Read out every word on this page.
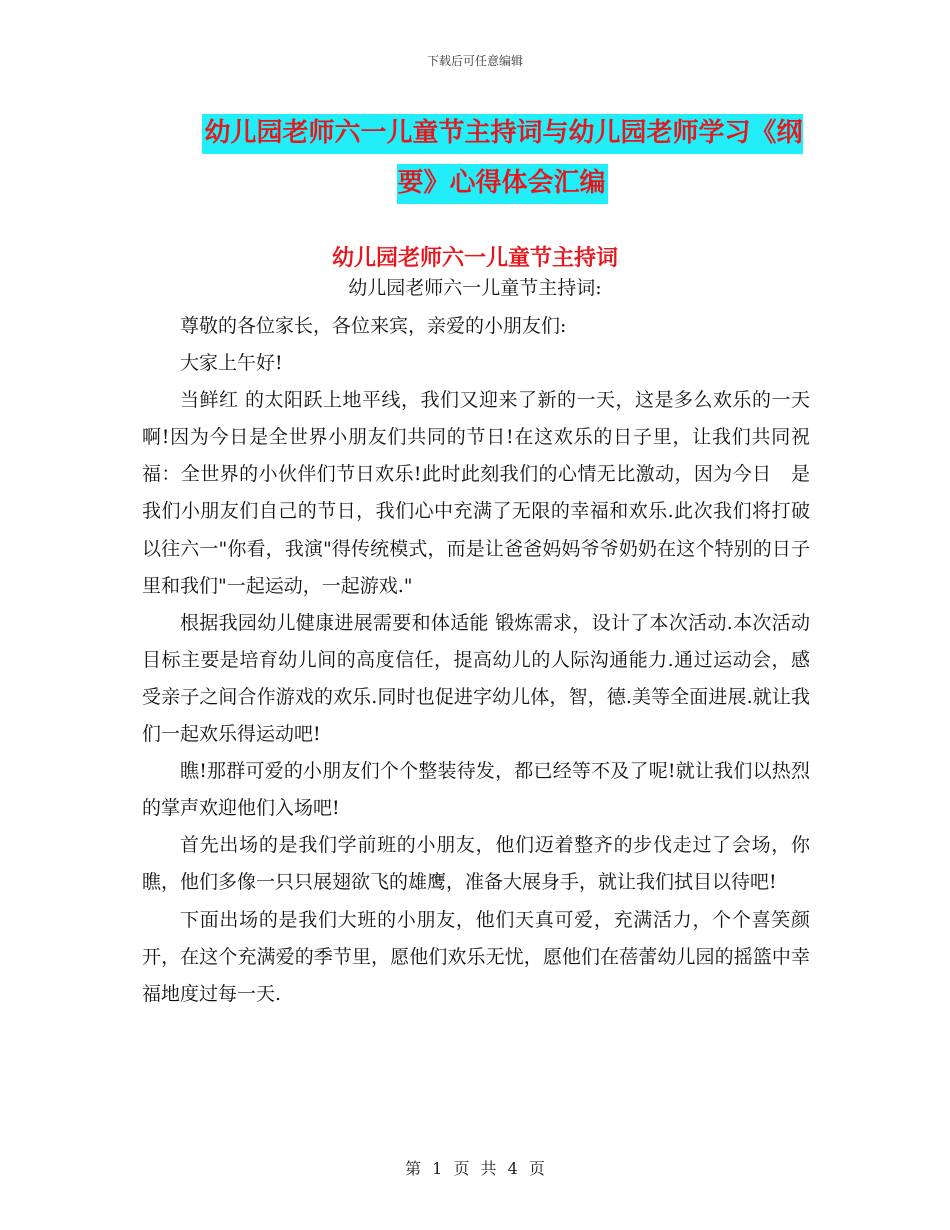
下载后可任意编辑
幼儿园老师六一儿童节主持词与幼儿园老师学习《纲要》心得体会汇编
幼儿园老师六一儿童节主持词
幼儿园老师六一儿童节主持词:

尊敬的各位家长，各位来宾，亲爱的小朋友们:

大家上午好!

当鲜红 的太阳跃上地平线，我们又迎来了新的一天，这是多么欢乐的一天啊!因为今日是全世界小朋友们共同的节日!在这欢乐的日子里，让我们共同祝福：全世界的小伙伴们节日欢乐!此时此刻我们的心情无比激动，因为今日　是我们小朋友们自己的节日，我们心中充满了无限的幸福和欢乐.此次我们将打破以往六一"你看，我演"得传统模式，而是让爸爸妈妈爷爷奶奶在这个特别的日子里和我们"一起运动，一起游戏."

根据我园幼儿健康进展需要和体适能 锻炼需求，设计了本次活动.本次活动目标主要是培育幼儿间的高度信任，提高幼儿的人际沟通能力.通过运动会，感受亲子之间合作游戏的欢乐.同时也促进字幼儿体，智，德.美等全面进展.就让我们一起欢乐得运动吧!

瞧!那群可爱的小朋友们个个整装待发，都已经等不及了呢!就让我们以热烈的掌声欢迎他们入场吧!

首先出场的是我们学前班的小朋友，他们迈着整齐的步伐走过了会场，你瞧，他们多像一只只展翅欲飞的雄鹰，准备大展身手，就让我们拭目以待吧!

下面出场的是我们大班的小朋友，他们天真可爱，充满活力，个个喜笑颜开，在这个充满爱的季节里，愿他们欢乐无忧，愿他们在蓓蕾幼儿园的摇篮中幸福地度过每一天.

第 1 页 共 4 页
